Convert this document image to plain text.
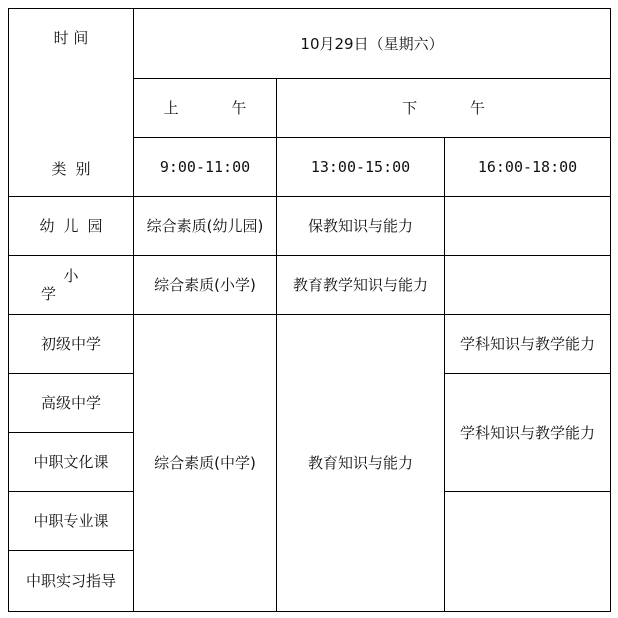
时 间
类别	10月29日（星期六）		
	上 午	下 午	
	9:00-11:00	13:00-15:00	16:00-18:00
幼儿园	综合素质(幼儿园)	保教知识与能力	
小 学	综合素质(小学)	教育教学知识与能力	
初级中学	综合素质(中学)	教育知识与能力	学科知识与教学能力
高级中学			学科知识与教学能力
中职文化课			
中职专业课			
中职实习指导			
